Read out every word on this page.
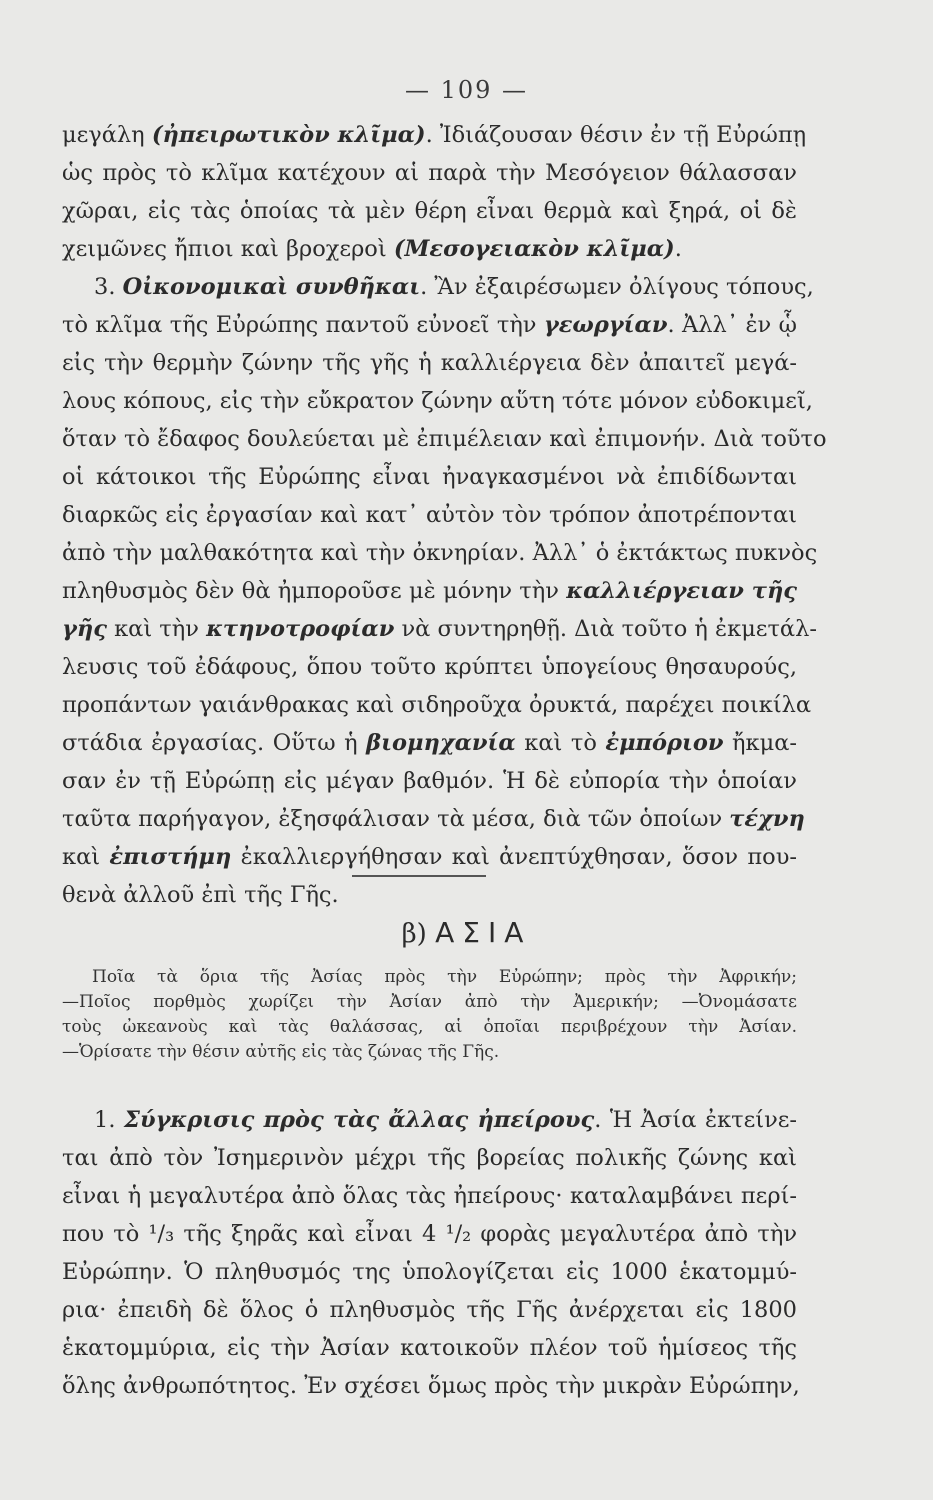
— 109 —
μεγάλη (ἠπειρωτικὸν κλῖμα). Ἰδιάζουσαν θέσιν ἐν τῇ Εὐρώπῃ
ὡς πρὸς τὸ κλῖμα κατέχουν αἱ παρὰ τὴν Μεσόγειον θάλασσαν
χῶραι, εἰς τὰς ὁποίας τὰ μὲν θέρη εἶναι θερμὰ καὶ ξηρά, οἱ δὲ
χειμῶνες ἤπιοι καὶ βροχεροὶ (Μεσογειακὸν κλῖμα).
3. Οἰκονομικαὶ συνθῆκαι. Ἂν ἐξαιρέσωμεν ὀλίγους τόπους,
τὸ κλῖμα τῆς Εὐρώπης παντοῦ εὐνοεῖ τὴν γεωργίαν. Ἀλλ᾿ ἐν ᾧ
εἰς τὴν θερμὴν ζώνην τῆς γῆς ἡ καλλιέργεια δὲν ἀπαιτεῖ μεγά-
λους κόπους, εἰς τὴν εὔκρατον ζώνην αὕτη τότε μόνον εὐδοκιμεῖ,
ὅταν τὸ ἔδαφος δουλεύεται μὲ ἐπιμέλειαν καὶ ἐπιμονήν. Διὰ τοῦτο
οἱ κάτοικοι τῆς Εὐρώπης εἶναι ἠναγκασμένοι νὰ ἐπιδίδωνται
διαρκῶς εἰς ἐργασίαν καὶ κατ᾿ αὐτὸν τὸν τρόπον ἀποτρέπονται
ἀπὸ τὴν μαλθακότητα καὶ τὴν ὀκνηρίαν. Ἀλλ᾿ ὁ ἐκτάκτως πυκνὸς
πληθυσμὸς δὲν θὰ ἠμποροῦσε μὲ μόνην τὴν καλλιέργειαν τῆς
γῆς καὶ τὴν κτηνοτροφίαν νὰ συντηρηθῇ. Διὰ τοῦτο ἡ ἐκμετάλ-
λευσις τοῦ ἐδάφους, ὅπου τοῦτο κρύπτει ὑπογείους θησαυρούς,
προπάντων γαιάνθρακας καὶ σιδηροῦχα ὀρυκτά, παρέχει ποικίλα
στάδια ἐργασίας. Οὕτω ἡ βιομηχανία καὶ τὸ ἐμπόριον ἤκμα-
σαν ἐν τῇ Εὐρώπῃ εἰς μέγαν βαθμόν. Ἡ δὲ εὐπορία τὴν ὁποίαν
ταῦτα παρήγαγον, ἐξησφάλισαν τὰ μέσα, διὰ τῶν ὁποίων τέχνη
καὶ ἐπιστήμη ἐκαλλιεργήθησαν καὶ ἀνεπτύχθησαν, ὅσον που-
θενὰ ἀλλοῦ ἐπὶ τῆς Γῆς.
β) ΑΣΙΑ
Ποῖα τὰ ὅρια τῆς Ἀσίας πρὸς τὴν Εὐρώπην; πρὸς τὴν Ἀφρικήν;
—Ποῖος πορθμὸς χωρίζει τὴν Ἀσίαν ἀπὸ τὴν Ἀμερικήν; —Ὀνομάσατε
τοὺς ὠκεανοὺς καὶ τὰς θαλάσσας, αἱ ὁποῖαι περιβρέχουν τὴν Ἀσίαν.
—Ὁρίσατε τὴν θέσιν αὐτῆς εἰς τὰς ζώνας τῆς Γῆς.
1. Σύγκρισις πρὸς τὰς ἄλλας ἠπείρους. Ἡ Ἀσία ἐκτείνε-
ται ἀπὸ τὸν Ἰσημερινὸν μέχρι τῆς βορείας πολικῆς ζώνης καὶ
εἶναι ἡ μεγαλυτέρα ἀπὸ ὅλας τὰς ἠπείρους· καταλαμβάνει περί-
που τὸ ¹/₃ τῆς ξηρᾶς καὶ εἶναι 4 ¹/₂ φορὰς μεγαλυτέρα ἀπὸ τὴν
Εὐρώπην. Ὁ πληθυσμός της ὑπολογίζεται εἰς 1000 ἑκατομμύ-
ρια· ἐπειδὴ δὲ ὅλος ὁ πληθυσμὸς τῆς Γῆς ἀνέρχεται εἰς 1800
ἑκατομμύρια, εἰς τὴν Ἀσίαν κατοικοῦν πλέον τοῦ ἡμίσεος τῆς
ὅλης ἀνθρωπότητος. Ἐν σχέσει ὅμως πρὸς τὴν μικρὰν Εὐρώπην,
